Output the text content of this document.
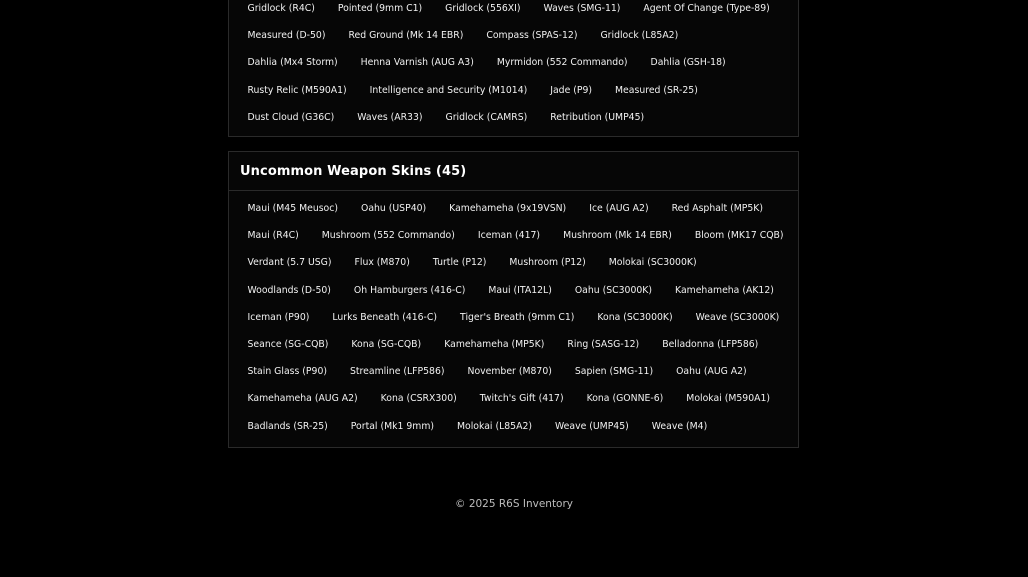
Gridlock (R4C)	Pointed (9mm C1)	Gridlock (556XI)	Waves (SMG-11)	Agent Of Change (Type-89)
Measured (D-50)	Red Ground (Mk 14 EBR)	Compass (SPAS-12)	Gridlock (L85A2)
Dahlia (Mx4 Storm)	Henna Varnish (AUG A3)	Myrmidon (552 Commando)	Dahlia (GSH-18)
Rusty Relic (M590A1)	Intelligence and Security (M1014)	Jade (P9)	Measured (SR-25)
Dust Cloud (G36C)	Waves (AR33)	Gridlock (CAMRS)	Retribution (UMP45)
Uncommon Weapon Skins (45)
Maui (M45 Meusoc)	Oahu (USP40)	Kamehameha (9x19VSN)	Ice (AUG A2)	Red Asphalt (MP5K)
Maui (R4C)	Mushroom (552 Commando)	Iceman (417)	Mushroom (Mk 14 EBR)	Bloom (MK17 CQB)
Verdant (5.7 USG)	Flux (M870)	Turtle (P12)	Mushroom (P12)	Molokai (SC3000K)
Woodlands (D-50)	Oh Hamburgers (416-C)	Maui (ITA12L)	Oahu (SC3000K)	Kamehameha (AK12)
Iceman (P90)	Lurks Beneath (416-C)	Tiger's Breath (9mm C1)	Kona (SC3000K)	Weave (SC3000K)
Seance (SG-CQB)	Kona (SG-CQB)	Kamehameha (MP5K)	Ring (SASG-12)	Belladonna (LFP586)
Stain Glass (P90)	Streamline (LFP586)	November (M870)	Sapien (SMG-11)	Oahu (AUG A2)
Kamehameha (AUG A2)	Kona (CSRX300)	Twitch's Gift (417)	Kona (GONNE-6)	Molokai (M590A1)
Badlands (SR-25)	Portal (Mk1 9mm)	Molokai (L85A2)	Weave (UMP45)	Weave (M4)
© 2025 R6S Inventory
